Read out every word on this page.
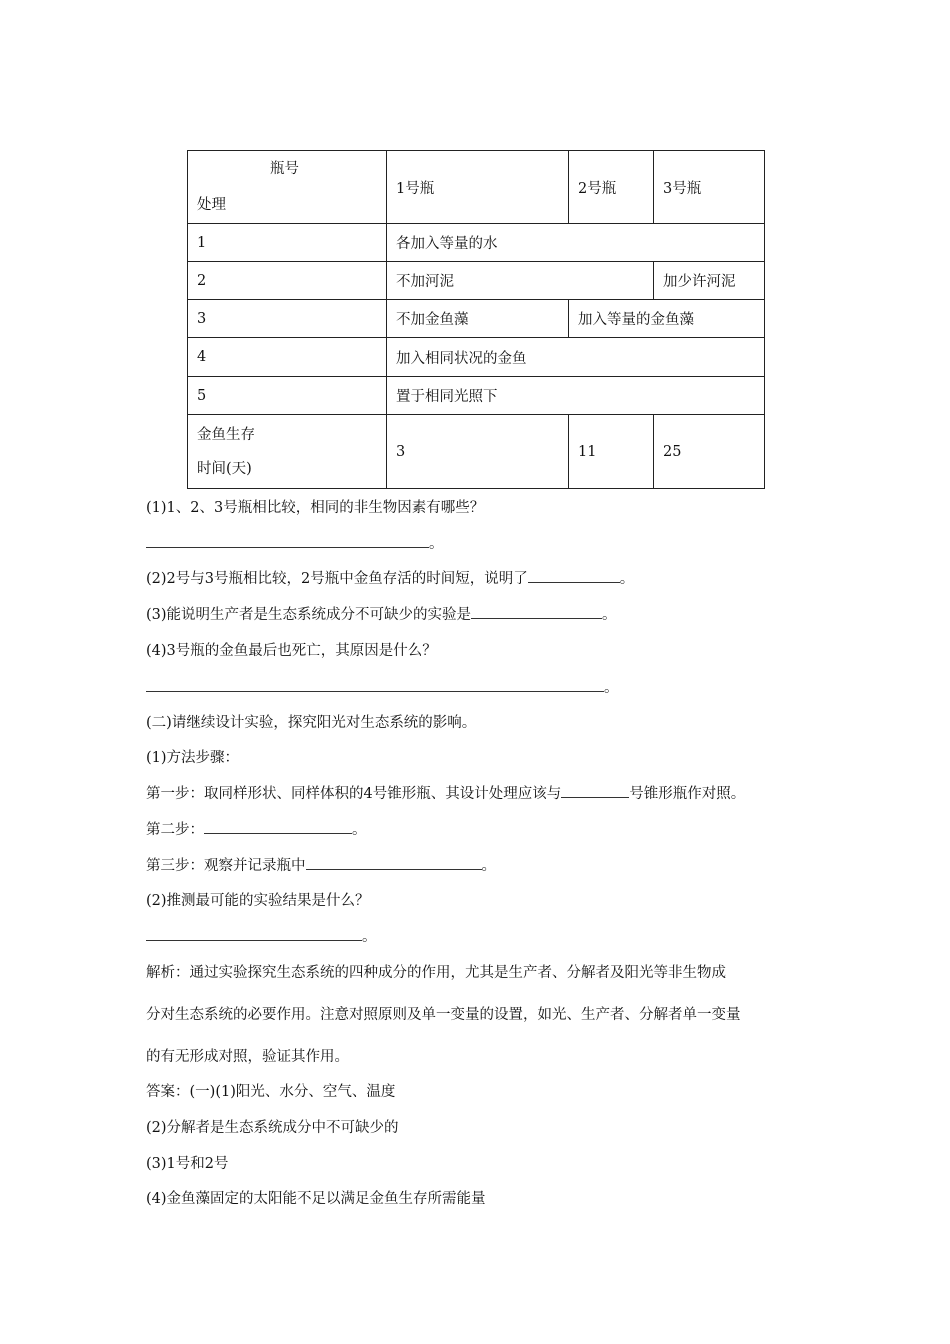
瓶号
处理	1号瓶	2号瓶	3号瓶
1	各加入等量的水		
2	不加河泥		加少许河泥
3	不加金鱼藻	加入等量的金鱼藻	
4	加入相同状况的金鱼		
5	置于相同光照下		

金鱼生存
时间(天)	3	11	25
(1)1、2、3号瓶相比较，相同的非生物因素有哪些？
。
(2)2号与3号瓶相比较，2号瓶中金鱼存活的时间短，说明了	。
(3)能说明生产者是生态系统成分不可缺少的实验是	。
(4)3号瓶的金鱼最后也死亡，其原因是什么？
。
(二)请继续设计实验，探究阳光对生态系统的影响。
(1)方法步骤：
第一步：取同样形状、同样体积的4号锥形瓶、其设计处理应该与	号锥形瓶作对照。
第二步：	。
第三步：观察并记录瓶中	。
(2)推测最可能的实验结果是什么？
。
解析：通过实验探究生态系统的四种成分的作用，尤其是生产者、分解者及阳光等非生物成
分对生态系统的必要作用。注意对照原则及单一变量的设置，如光、生产者、分解者单一变量
的有无形成对照，验证其作用。
答案：(一)(1)阳光、水分、空气、温度
(2)分解者是生态系统成分中不可缺少的
(3)1号和2号
(4)金鱼藻固定的太阳能不足以满足金鱼生存所需能量
